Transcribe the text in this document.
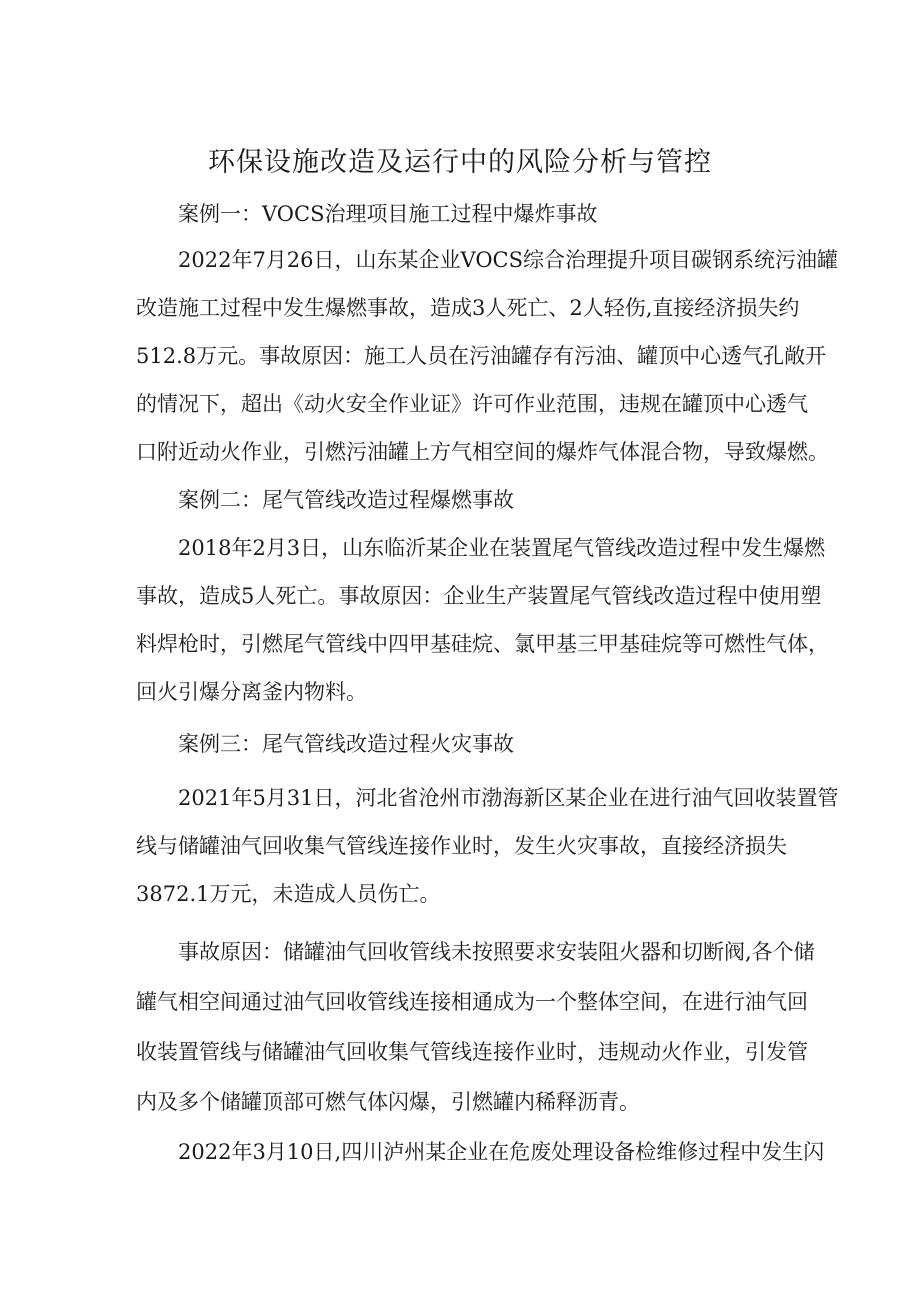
环保设施改造及运行中的风险分析与管控

案例一：VOCS治理项目施工过程中爆炸事故

2022年7月26日，山东某企业VOCS综合治理提升项目碳钢系统污油罐

改造施工过程中发生爆燃事故，造成3人死亡、2人轻伤,直接经济损失约

512.8万元。事故原因：施工人员在污油罐存有污油、罐顶中心透气孔敞开

的情况下，超出《动火安全作业证》许可作业范围，违规在罐顶中心透气

口附近动火作业，引燃污油罐上方气相空间的爆炸气体混合物，导致爆燃。

案例二：尾气管线改造过程爆燃事故

2018年2月3日，山东临沂某企业在装置尾气管线改造过程中发生爆燃

事故，造成5人死亡。事故原因：企业生产装置尾气管线改造过程中使用塑

料焊枪时，引燃尾气管线中四甲基硅烷、氯甲基三甲基硅烷等可燃性气体，

回火引爆分离釜内物料。

案例三：尾气管线改造过程火灾事故

2021年5月31日，河北省沧州市渤海新区某企业在进行油气回收装置管

线与储罐油气回收集气管线连接作业时，发生火灾事故，直接经济损失

3872.1万元，未造成人员伤亡。

事故原因：储罐油气回收管线未按照要求安装阻火器和切断阀,各个储

罐气相空间通过油气回收管线连接相通成为一个整体空间，在进行油气回

收装置管线与储罐油气回收集气管线连接作业时，违规动火作业，引发管

内及多个储罐顶部可燃气体闪爆，引燃罐内稀释沥青。

2022年3月10日,四川泸州某企业在危废处理设备检维修过程中发生闪
